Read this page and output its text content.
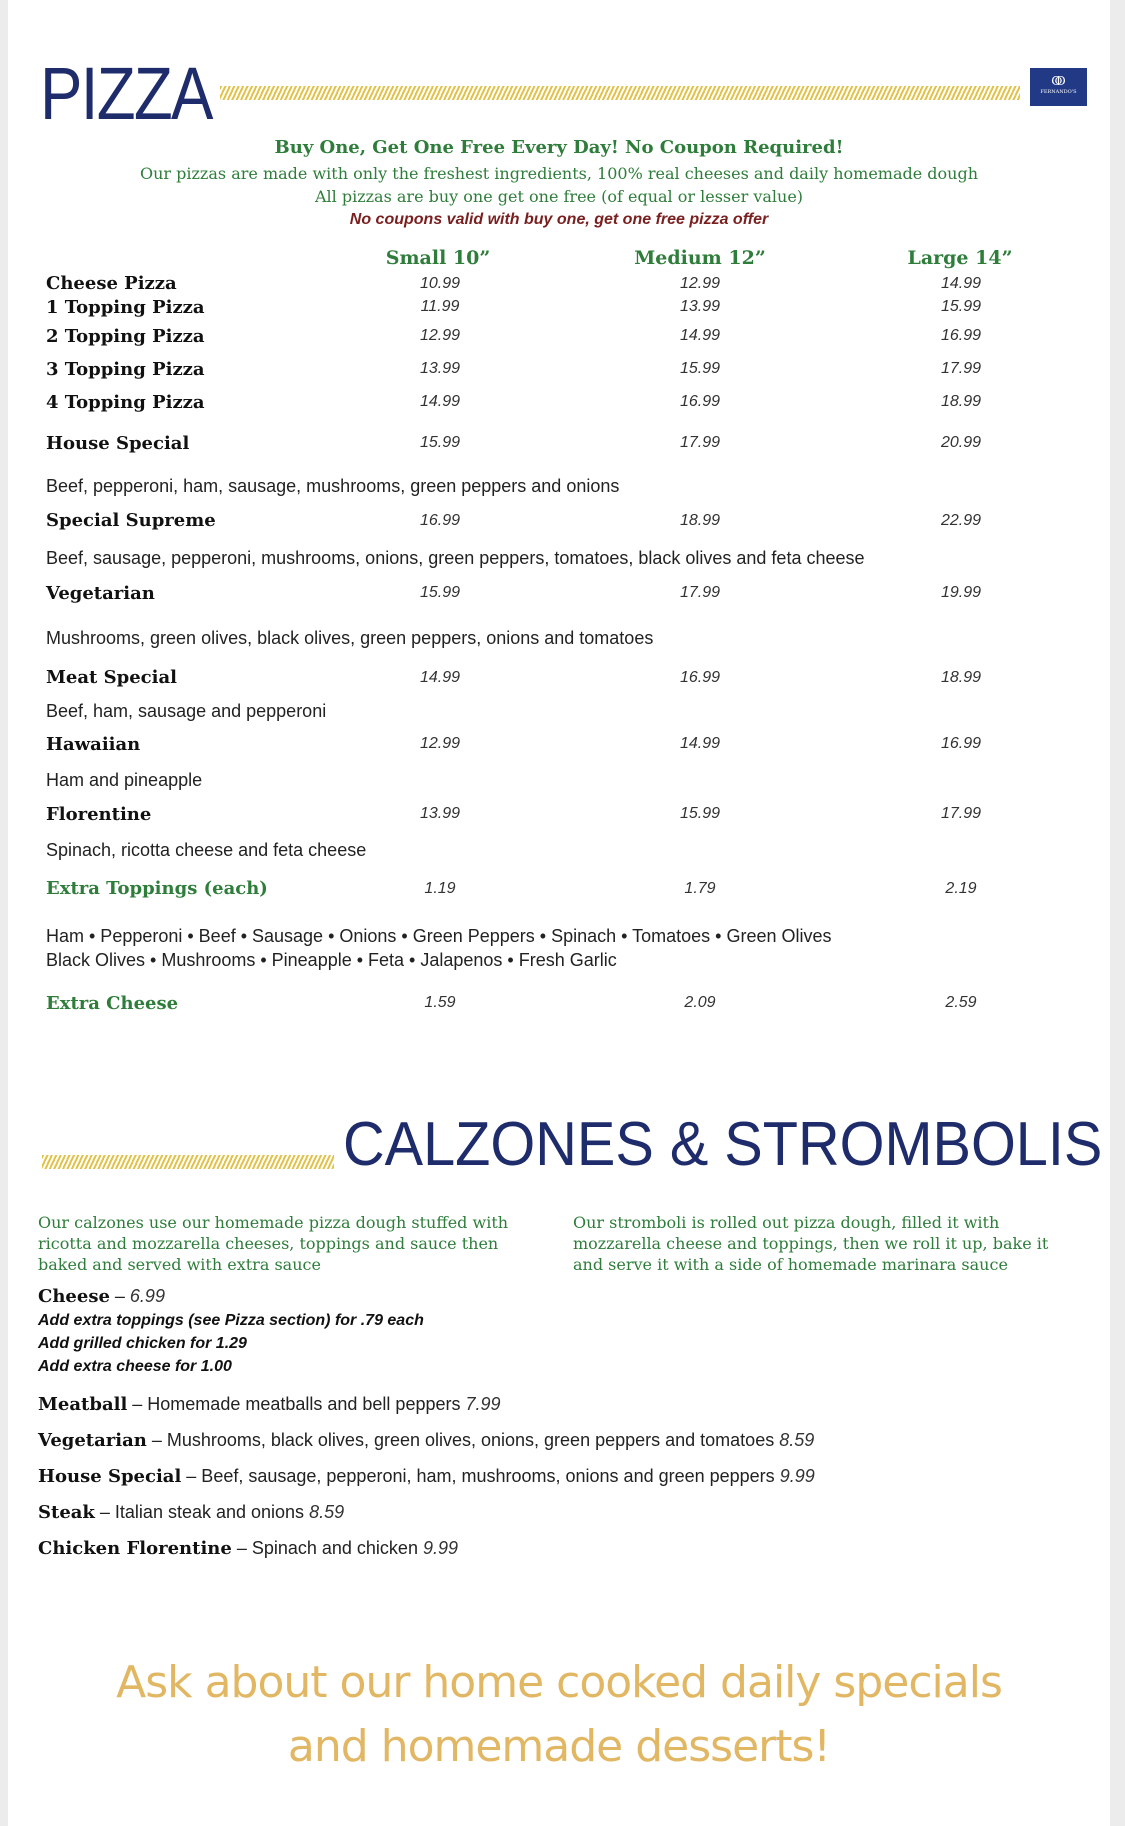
PIZZA	ↂ
FERNANDO'S
Buy One, Get One Free Every Day! No Coupon Required!
Our pizzas are made with only the freshest ingredients, 100% real cheeses and daily homemade dough
All pizzas are buy one get one free (of equal or lesser value)
No coupons valid with buy one, get one free pizza offer
Small 10”	Medium 12”	Large 14”
Cheese Pizza	10.99	12.99	14.99
1 Topping Pizza	11.99	13.99	15.99
2 Topping Pizza	12.99	14.99	16.99
3 Topping Pizza	13.99	15.99	17.99
4 Topping Pizza	14.99	16.99	18.99
House Special	15.99	17.99	20.99
Beef, pepperoni, ham, sausage, mushrooms, green peppers and onions
Special Supreme	16.99	18.99	22.99
Beef, sausage, pepperoni, mushrooms, onions, green peppers, tomatoes, black olives and feta cheese
Vegetarian	15.99	17.99	19.99
Mushrooms, green olives, black olives, green peppers, onions and tomatoes
Meat Special	14.99	16.99	18.99
Beef, ham, sausage and pepperoni
Hawaiian	12.99	14.99	16.99
Ham and pineapple
Florentine	13.99	15.99	17.99
Spinach, ricotta cheese and feta cheese
Extra Toppings (each)	1.19	1.79	2.19
Ham • Pepperoni • Beef • Sausage • Onions • Green Peppers • Spinach • Tomatoes • Green Olives
Black Olives • Mushrooms • Pineapple • Feta • Jalapenos • Fresh Garlic
Extra Cheese	1.59	2.09	2.59
CALZONES & STROMBOLIS
Our calzones use our homemade pizza dough stuffed with
ricotta and mozzarella cheeses, toppings and sauce then
baked and served with extra sauce
Our stromboli is rolled out pizza dough, filled it with
mozzarella cheese and toppings, then we roll it up, bake it
and serve it with a side of homemade marinara sauce
Cheese – 6.99
Add extra toppings (see Pizza section) for .79 each
Add grilled chicken for 1.29
Add extra cheese for 1.00
Meatball – Homemade meatballs and bell peppers 7.99
Vegetarian – Mushrooms, black olives, green olives, onions, green peppers and tomatoes 8.59
House Special – Beef, sausage, pepperoni, ham, mushrooms, onions and green peppers 9.99
Steak – Italian steak and onions 8.59
Chicken Florentine – Spinach and chicken 9.99
Ask about our home cooked daily specials
and homemade desserts!
